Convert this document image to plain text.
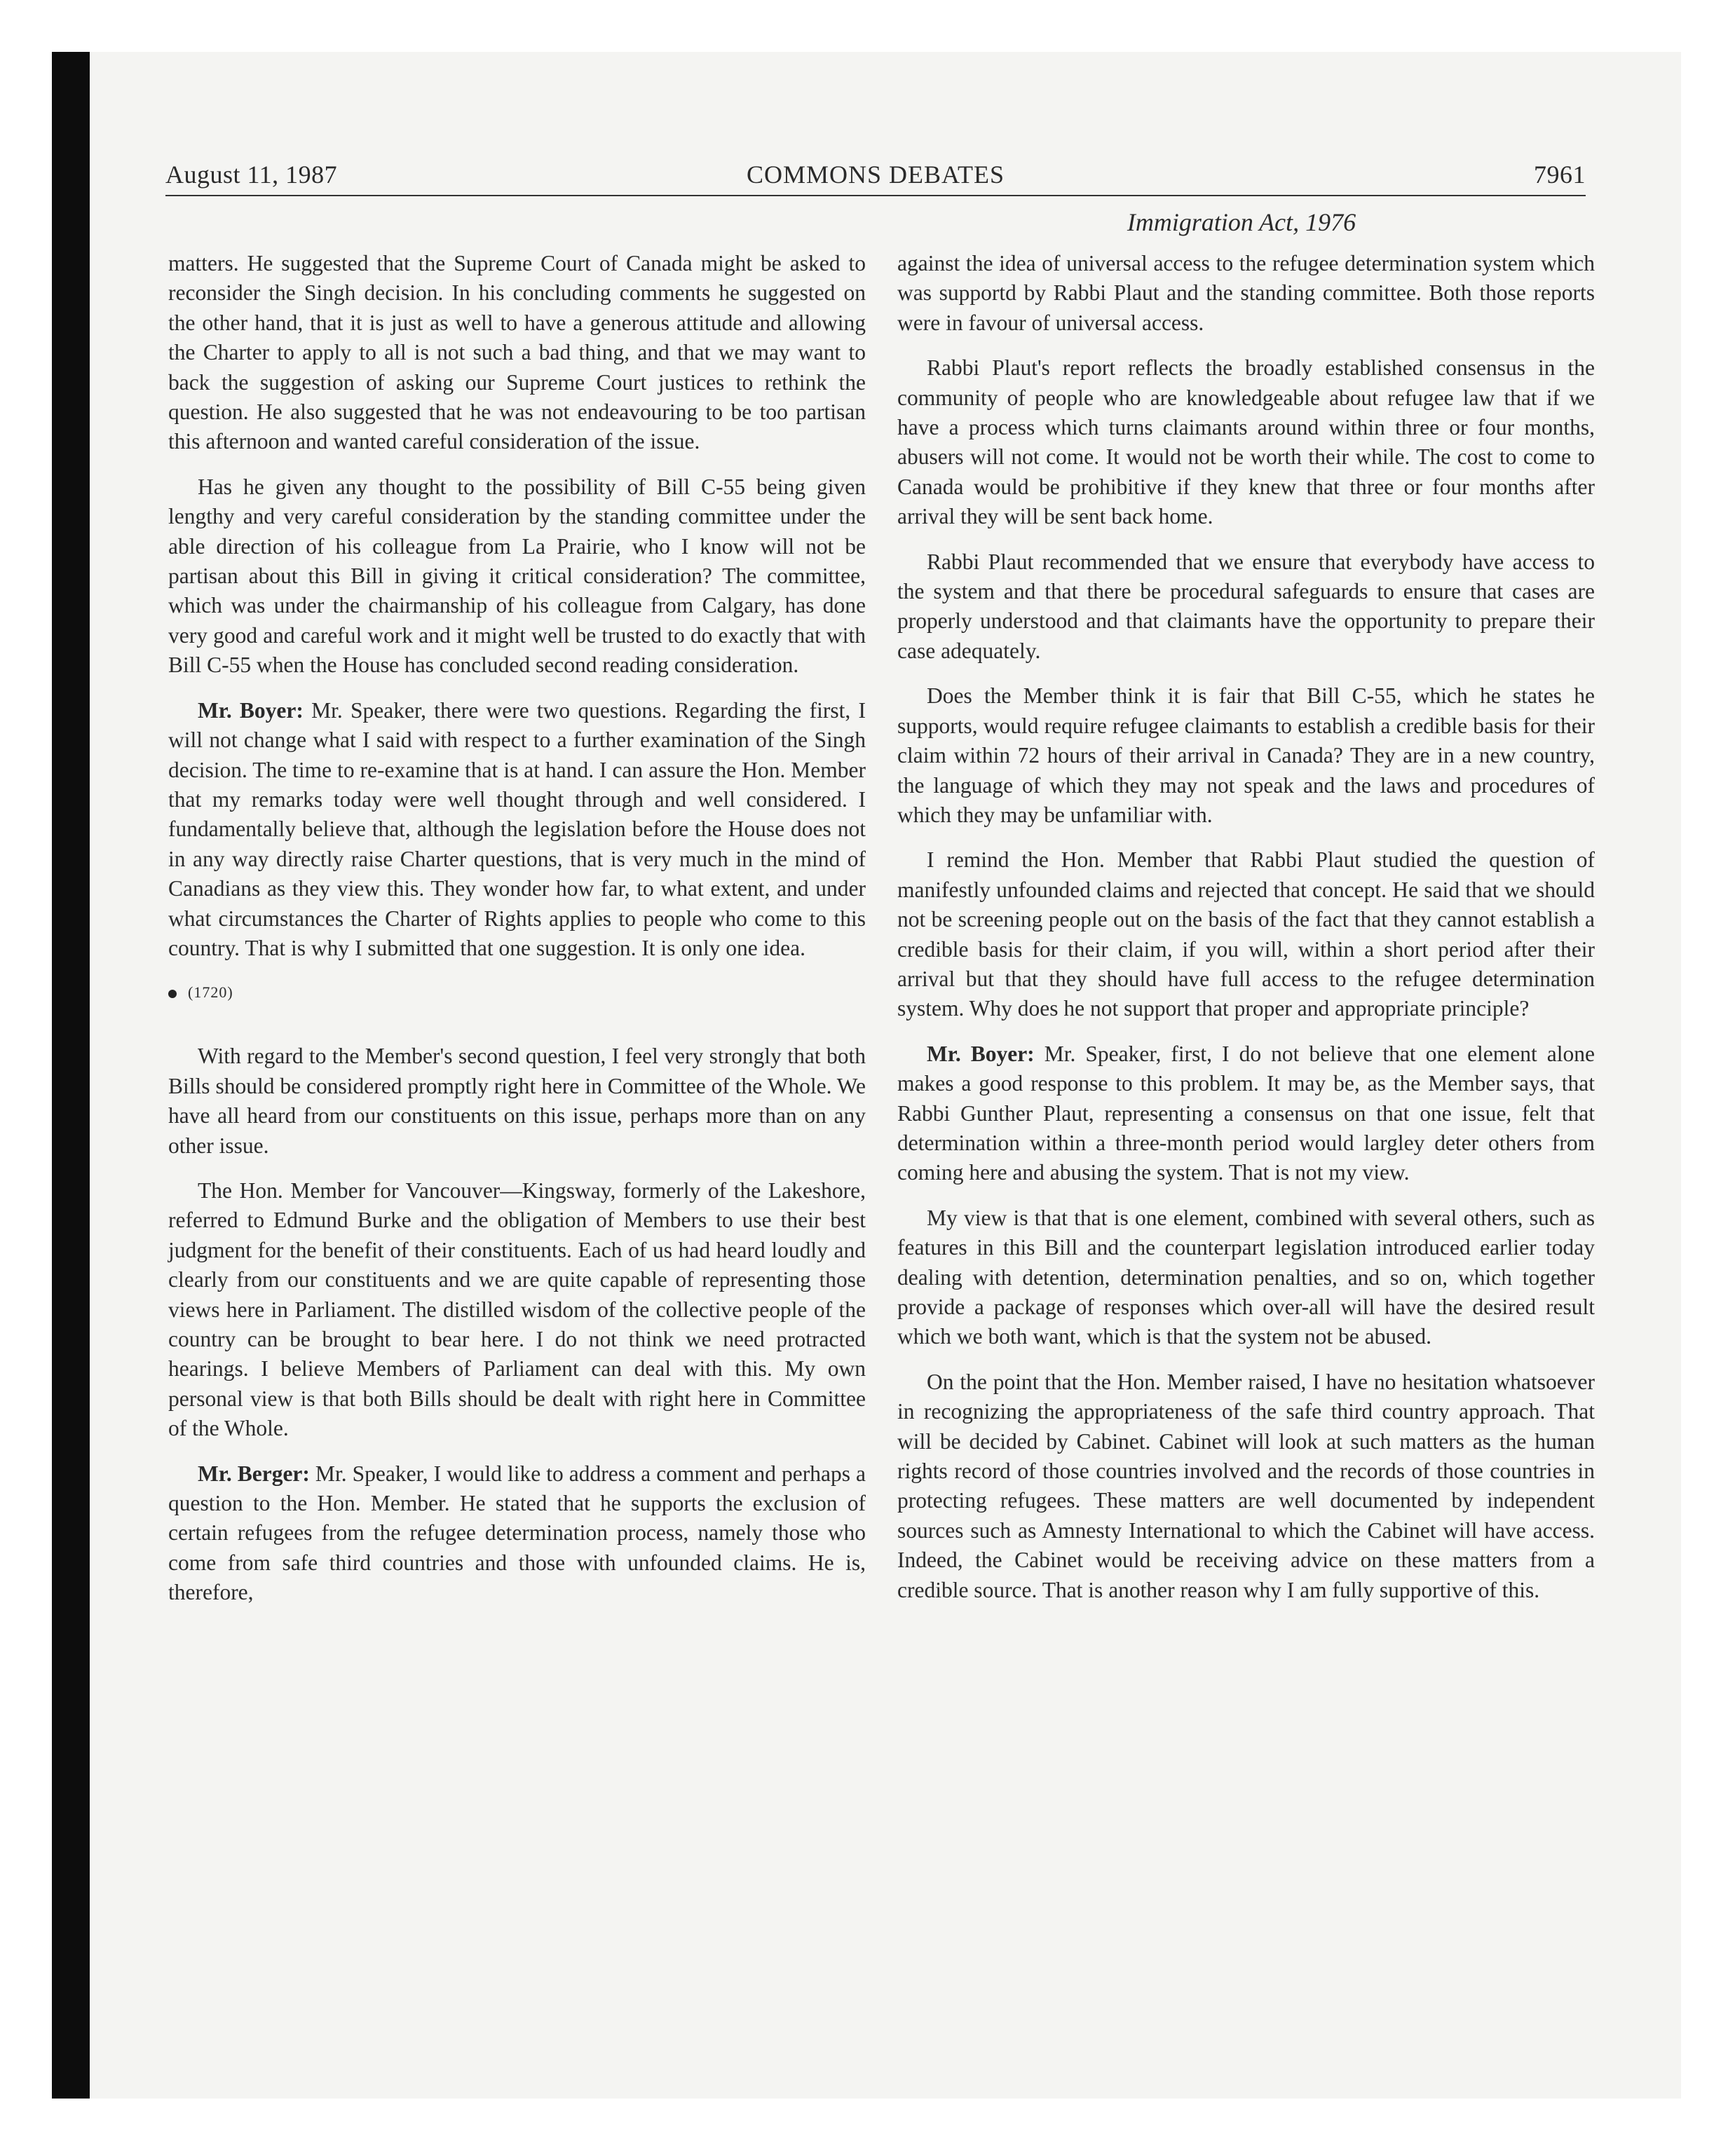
August 11, 1987	COMMONS DEBATES	7961
Immigration Act, 1976

matters. He suggested that the Supreme Court of Canada might be asked to reconsider the Singh decision. In his concluding comments he suggested on the other hand, that it is just as well to have a generous attitude and allowing the Charter to apply to all is not such a bad thing, and that we may want to back the suggestion of asking our Supreme Court justices to rethink the question. He also suggested that he was not endeavouring to be too partisan this afternoon and wanted careful consideration of the issue.

Has he given any thought to the possibility of Bill C-55 being given lengthy and very careful consideration by the standing committee under the able direction of his colleague from La Prairie, who I know will not be partisan about this Bill in giving it critical consideration? The committee, which was under the chairmanship of his colleague from Calgary, has done very good and careful work and it might well be trusted to do exactly that with Bill C-55 when the House has concluded second reading consideration.

Mr. Boyer: Mr. Speaker, there were two questions. Regarding the first, I will not change what I said with respect to a further examination of the Singh decision. The time to re-examine that is at hand. I can assure the Hon. Member that my remarks today were well thought through and well considered. I fundamentally believe that, although the legislation before the House does not in any way directly raise Charter questions, that is very much in the mind of Canadians as they view this. They wonder how far, to what extent, and under what circumstances the Charter of Rights applies to people who come to this country. That is why I submitted that one suggestion. It is only one idea.

(1720)

With regard to the Member's second question, I feel very strongly that both Bills should be considered promptly right here in Committee of the Whole. We have all heard from our constituents on this issue, perhaps more than on any other issue.

The Hon. Member for Vancouver—Kingsway, formerly of the Lakeshore, referred to Edmund Burke and the obligation of Members to use their best judgment for the benefit of their constituents. Each of us had heard loudly and clearly from our constituents and we are quite capable of representing those views here in Parliament. The distilled wisdom of the collective people of the country can be brought to bear here. I do not think we need protracted hearings. I believe Members of Parliament can deal with this. My own personal view is that both Bills should be dealt with right here in Committee of the Whole.

Mr. Berger: Mr. Speaker, I would like to address a comment and perhaps a question to the Hon. Member. He stated that he supports the exclusion of certain refugees from the refugee determination process, namely those who come from safe third countries and those with unfounded claims. He is, therefore,

against the idea of universal access to the refugee determination system which was supportd by Rabbi Plaut and the standing committee. Both those reports were in favour of universal access.

Rabbi Plaut's report reflects the broadly established consensus in the community of people who are knowledgeable about refugee law that if we have a process which turns claimants around within three or four months, abusers will not come. It would not be worth their while. The cost to come to Canada would be prohibitive if they knew that three or four months after arrival they will be sent back home.

Rabbi Plaut recommended that we ensure that everybody have access to the system and that there be procedural safeguards to ensure that cases are properly understood and that claimants have the opportunity to prepare their case adequately.

Does the Member think it is fair that Bill C-55, which he states he supports, would require refugee claimants to establish a credible basis for their claim within 72 hours of their arrival in Canada? They are in a new country, the language of which they may not speak and the laws and procedures of which they may be unfamiliar with.

I remind the Hon. Member that Rabbi Plaut studied the question of manifestly unfounded claims and rejected that concept. He said that we should not be screening people out on the basis of the fact that they cannot establish a credible basis for their claim, if you will, within a short period after their arrival but that they should have full access to the refugee determination system. Why does he not support that proper and appropriate principle?

Mr. Boyer: Mr. Speaker, first, I do not believe that one element alone makes a good response to this problem. It may be, as the Member says, that Rabbi Gunther Plaut, representing a consensus on that one issue, felt that determination within a three-month period would largley deter others from coming here and abusing the system. That is not my view.

My view is that that is one element, combined with several others, such as features in this Bill and the counterpart legislation introduced earlier today dealing with detention, determination penalties, and so on, which together provide a package of responses which over-all will have the desired result which we both want, which is that the system not be abused.

On the point that the Hon. Member raised, I have no hesitation whatsoever in recognizing the appropriateness of the safe third country approach. That will be decided by Cabinet. Cabinet will look at such matters as the human rights record of those countries involved and the records of those countries in protecting refugees. These matters are well documented by independent sources such as Amnesty International to which the Cabinet will have access. Indeed, the Cabinet would be receiving advice on these matters from a credible source. That is another reason why I am fully supportive of this.
